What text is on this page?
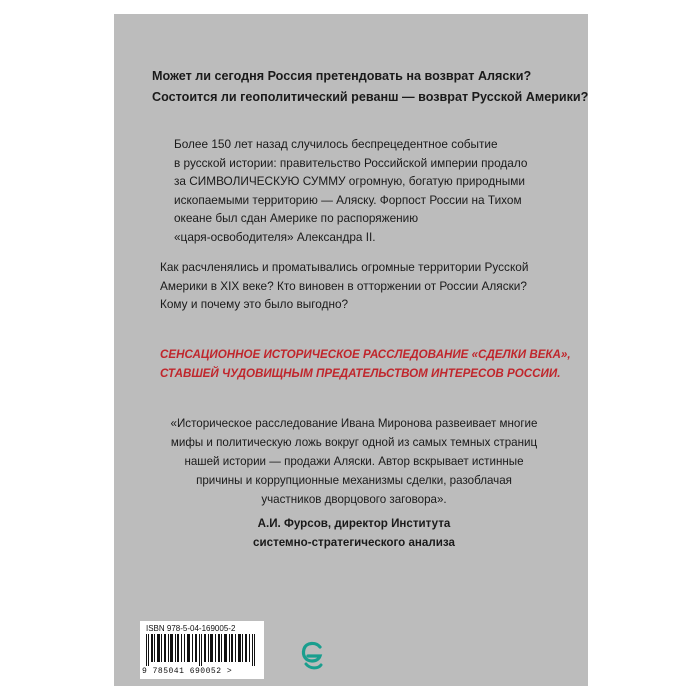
Может ли сегодня Россия претендовать на возврат Аляски?
Состоится ли геополитический реванш — возврат Русской Америки?
Более 150 лет назад случилось беспрецедентное событие
в русской истории: правительство Российской империи продало
за СИМВОЛИЧЕСКУЮ СУММУ огромную, богатую природными
ископаемыми территорию — Аляску. Форпост России на Тихом
океане был сдан Америке по распоряжению
«царя-освободителя» Александра II.
Как расчленялись и проматывались огромные территории Русской
Америки в XIX веке? Кто виновен в отторжении от России Аляски?
Кому и почему это было выгодно?
СЕНСАЦИОННОЕ ИСТОРИЧЕСКОЕ РАССЛЕДОВАНИЕ «СДЕЛКИ ВЕКА»,
СТАВШЕЙ ЧУДОВИЩНЫМ ПРЕДАТЕЛЬСТВОМ ИНТЕРЕСОВ РОССИИ.
«Историческое расследование Ивана Миронова развеивает многие
мифы и политическую ложь вокруг одной из самых темных страниц
нашей истории — продажи Аляски. Автор вскрывает истинные
причины и коррупционные механизмы сделки, разоблачая
участников дворцового заговора».
А.И. Фурсов, директор Института
системно-стратегического анализа
ISBN 978-5-04-169005-2
9 785041 690052 >
